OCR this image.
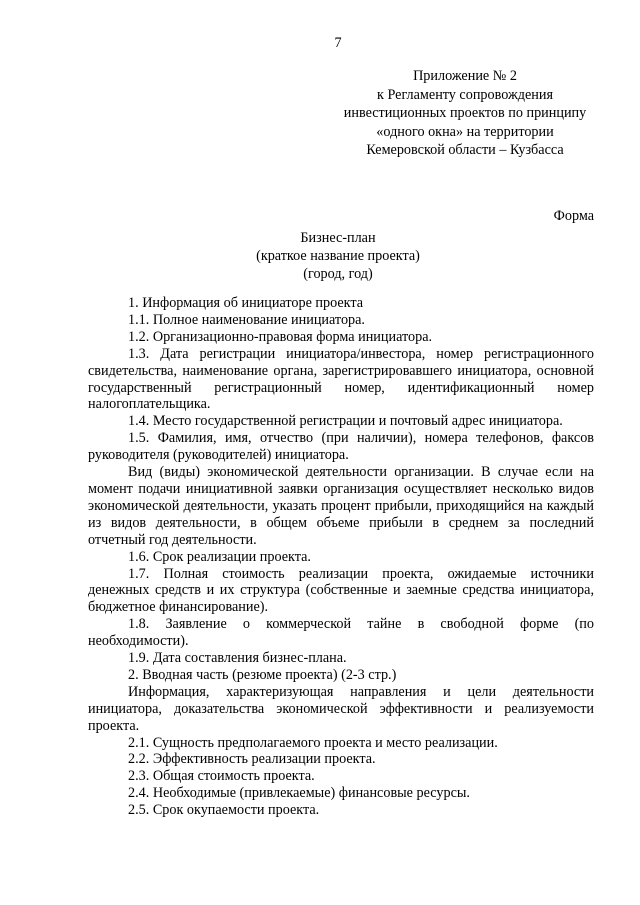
7
Приложение № 2
к Регламенту сопровождения
инвестиционных проектов по принципу
«одного окна» на территории
Кемеровской области – Кузбасса
Форма
Бизнес-план
(краткое название проекта)
(город, год)

1. Информация об инициаторе проекта

1.1. Полное наименование инициатора.

1.2. Организационно-правовая форма инициатора.

1.3. Дата регистрации инициатора/инвестора, номер регистрационного свидетельства, наименование органа, зарегистрировавшего инициатора, основной государственный регистрационный номер, идентификационный номер налогоплательщика.

1.4. Место государственной регистрации и почтовый адрес инициатора.

1.5. Фамилия, имя, отчество (при наличии), номера телефонов, факсов руководителя (руководителей) инициатора.

Вид (виды) экономической деятельности организации. В случае если на момент подачи инициативной заявки организация осуществляет несколько видов экономической деятельности, указать процент прибыли, приходящийся на каждый из видов деятельности, в общем объеме прибыли в среднем за последний отчетный год деятельности.

1.6. Срок реализации проекта.

1.7. Полная стоимость реализации проекта, ожидаемые источники денежных средств и их структура (собственные и заемные средства инициатора, бюджетное финансирование).

1.8. Заявление о коммерческой тайне в свободной форме (по необходимости).

1.9. Дата составления бизнес-плана.

2. Вводная часть (резюме проекта) (2-3 стр.)

Информация, характеризующая направления и цели деятельности инициатора, доказательства экономической эффективности и реализуемости проекта.

2.1. Сущность предполагаемого проекта и место реализации.

2.2. Эффективность реализации проекта.

2.3. Общая стоимость проекта.

2.4. Необходимые (привлекаемые) финансовые ресурсы.

2.5. Срок окупаемости проекта.
